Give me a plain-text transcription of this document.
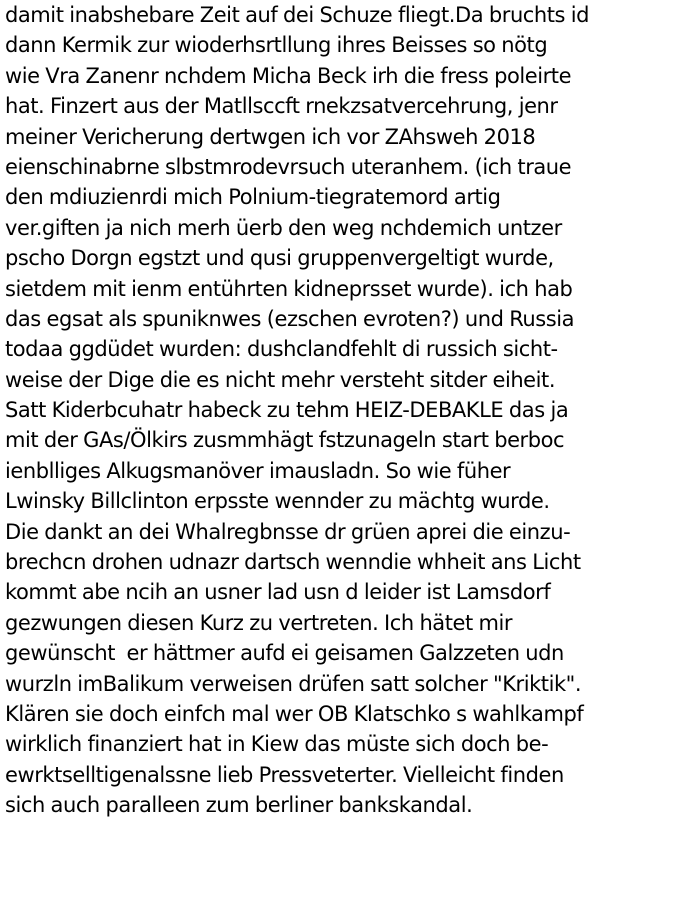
damit inabshebare Zeit auf dei Schuze fliegt.Da bruchts id
dann Kermik zur wioderhsrtllung ihres Beisses so nötg
wie Vra Zanenr nchdem Micha Beck irh die fress poleirte
hat. Finzert aus der Matllsccft rnekzsatvercehrung, jenr
meiner Vericherung dertwgen ich vor ZAhsweh 2018
eienschinabrne slbstmrodevrsuch uteranhem. (ich traue
den mdiuzienrdi mich Polnium-tiegratemord artig
ver.giften ja nich merh üerb den weg nchdemich untzer
pscho Dorgn egstzt und qusi gruppenvergeltigt wurde,
sietdem mit ienm entührten kidneprsset wurde). ich hab
das egsat als spuniknwes (ezschen evroten?) und Russia
todaa ggdüdet wurden: dushclandfehlt di russich sicht-
weise der Dige die es nicht mehr versteht sitder eiheit.
Satt Kiderbcuhatr habeck zu tehm HEIZ-DEBAKLE das ja
mit der GAs/Ölkirs zusmmhägt fstzunageln start berboc
ienblliges Alkugsmanöver imausladn. So wie füher
Lwinsky Billclinton erpsste wennder zu mächtg wurde.
Die dankt an dei Whalregbnsse dr grüen aprei die einzu-
brechcn drohen udnazr dartsch wenndie whheit ans Licht
kommt abe ncih an usner lad usn d leider ist Lamsdorf
gezwungen diesen Kurz zu vertreten. Ich hätet mir
gewünscht  er hättmer aufd ei geisamen Galzzeten udn
wurzln imBalikum verweisen drüfen satt solcher "Kriktik".
Klären sie doch einfch mal wer OB Klatschko s wahlkampf
wirklich finanziert hat in Kiew das müste sich doch be-
ewrktselltigenalssne lieb Pressveterter. Vielleicht finden
sich auch paralleen zum berliner bankskandal.
